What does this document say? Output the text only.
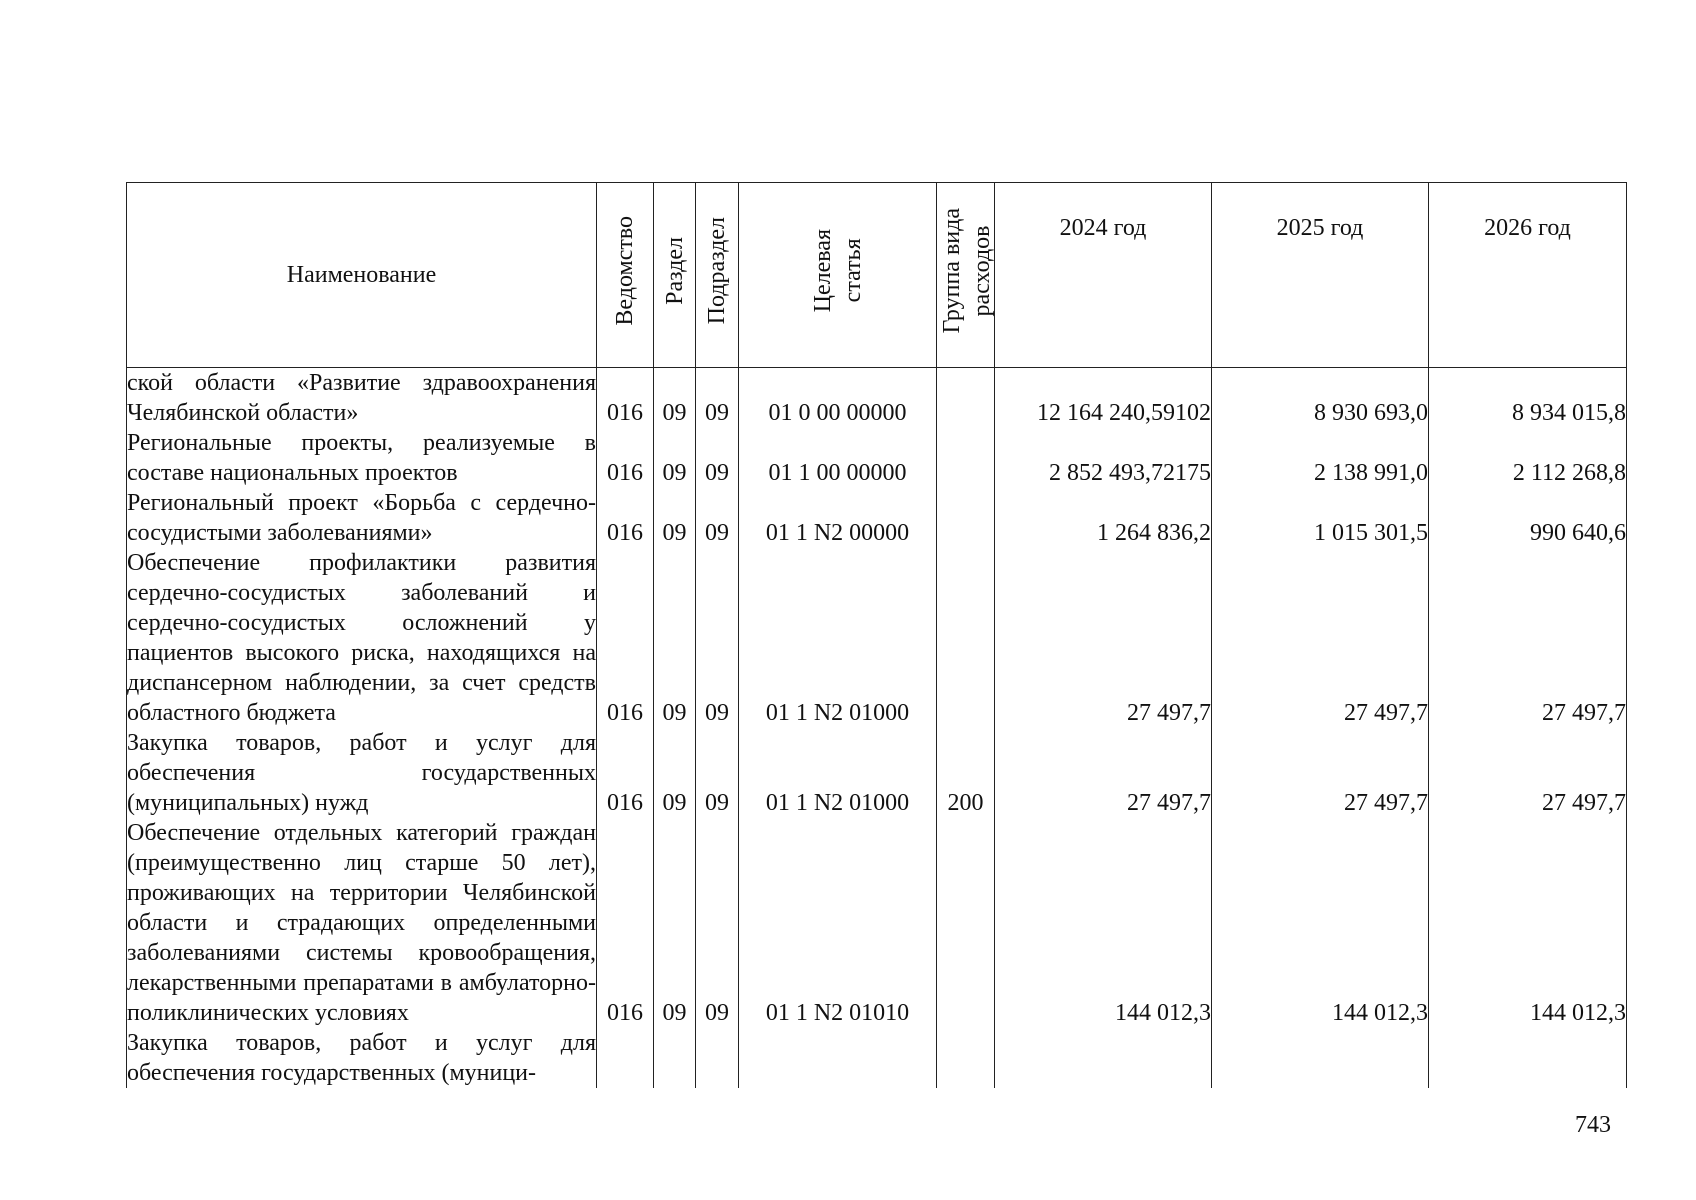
Наименование	Ведомство	Раздел	Подраздел	Целевая статья	Группа вида расходов	2024 год	2025 год	2026 год
ской области «Развитие здравоохранения Челябинской области»	016	09	09	01 0 00 00000		12 164 240,59102	8 930 693,0	8 934 015,8
Региональные проекты, реализуемые в составе национальных проектов	016	09	09	01 1 00 00000		2 852 493,72175	2 138 991,0	2 112 268,8
Региональный проект «Борьба с сердечно-сосудистыми заболеваниями»	016	09	09	01 1 N2 00000		1 264 836,2	1 015 301,5	990 640,6
Обеспечение профилактики развития сердечно-сосудистых заболеваний и сердечно-сосудистых осложнений у пациентов высокого риска, находящихся на диспансерном наблюдении, за счет средств областного бюджета	016	09	09	01 1 N2 01000		27 497,7	27 497,7	27 497,7
Закупка товаров, работ и услуг для обеспечения государственных (муниципальных) нужд	016	09	09	01 1 N2 01000	200	27 497,7	27 497,7	27 497,7
Обеспечение отдельных категорий граждан (преимущественно лиц старше 50 лет), проживающих на территории Челябинской области и страдающих определенными заболеваниями системы кровообращения, лекарственными препаратами в амбулаторно-поликлинических условиях	016	09	09	01 1 N2 01010		144 012,3	144 012,3	144 012,3
Закупка товаров, работ и услуг для обеспечения государственных (муници-								
743
